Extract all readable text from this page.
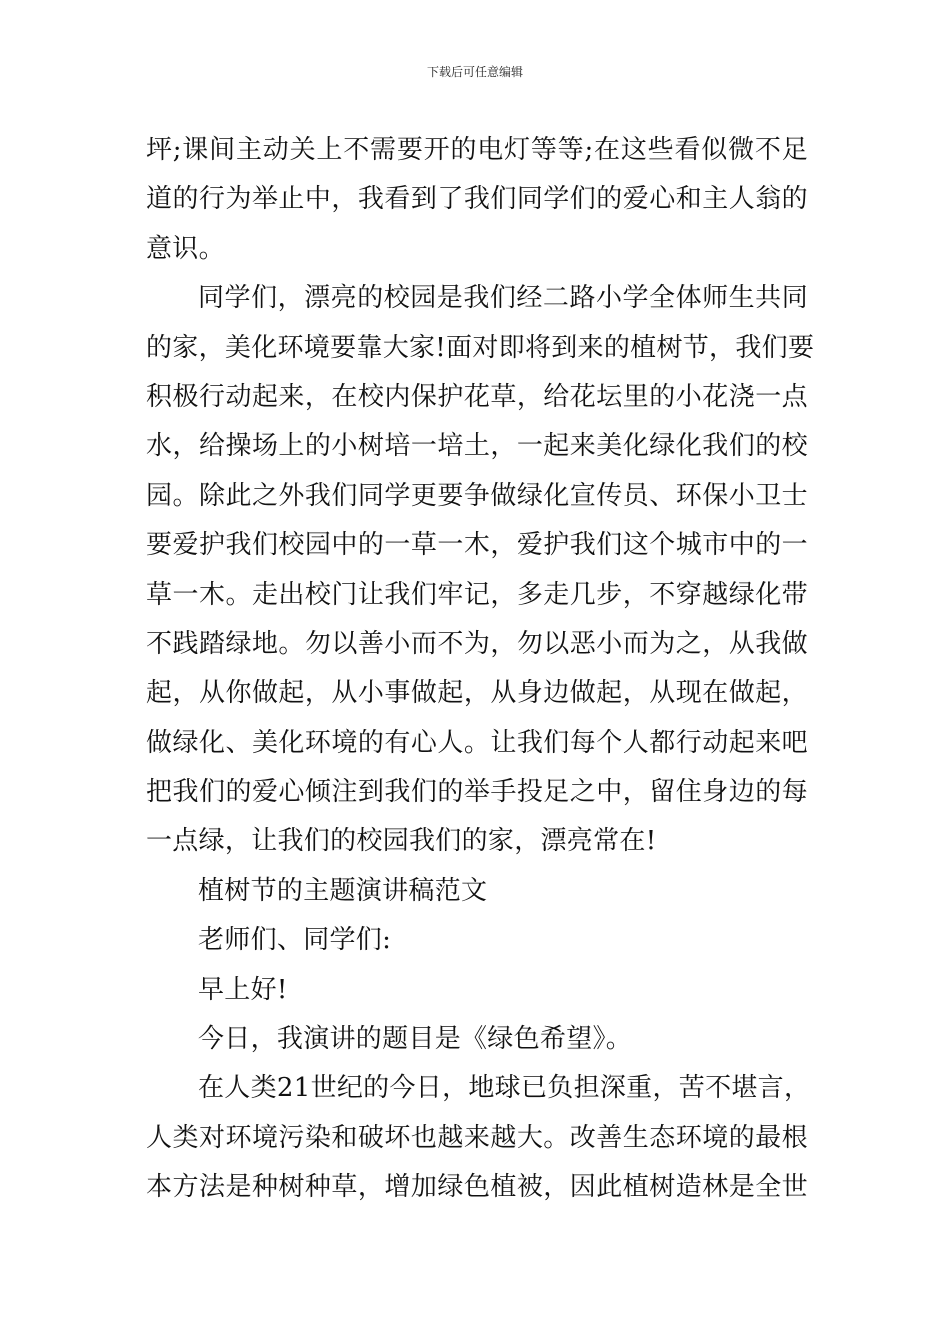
下载后可任意编辑
坪;课间主动关上不需要开的电灯等等;在这些看似微不足
道的行为举止中，我看到了我们同学们的爱心和主人翁的
意识。
同学们，漂亮的校园是我们经二路小学全体师生共同
的家，美化环境要靠大家!面对即将到来的植树节，我们要
积极行动起来，在校内保护花草，给花坛里的小花浇一点
水，给操场上的小树培一培土，一起来美化绿化我们的校
园。除此之外我们同学更要争做绿化宣传员、环保小卫士
要爱护我们校园中的一草一木，爱护我们这个城市中的一
草一木。走出校门让我们牢记，多走几步，不穿越绿化带
不践踏绿地。勿以善小而不为，勿以恶小而为之，从我做
起，从你做起，从小事做起，从身边做起，从现在做起，
做绿化、美化环境的有心人。让我们每个人都行动起来吧
把我们的爱心倾注到我们的举手投足之中，留住身边的每
一点绿，让我们的校园我们的家，漂亮常在!
植树节的主题演讲稿范文
老师们、同学们:
早上好!
今日，我演讲的题目是《绿色希望》。
在人类21世纪的今日，地球已负担深重，苦不堪言，
人类对环境污染和破坏也越来越大。改善生态环境的最根
本方法是种树种草，增加绿色植被，因此植树造林是全世
